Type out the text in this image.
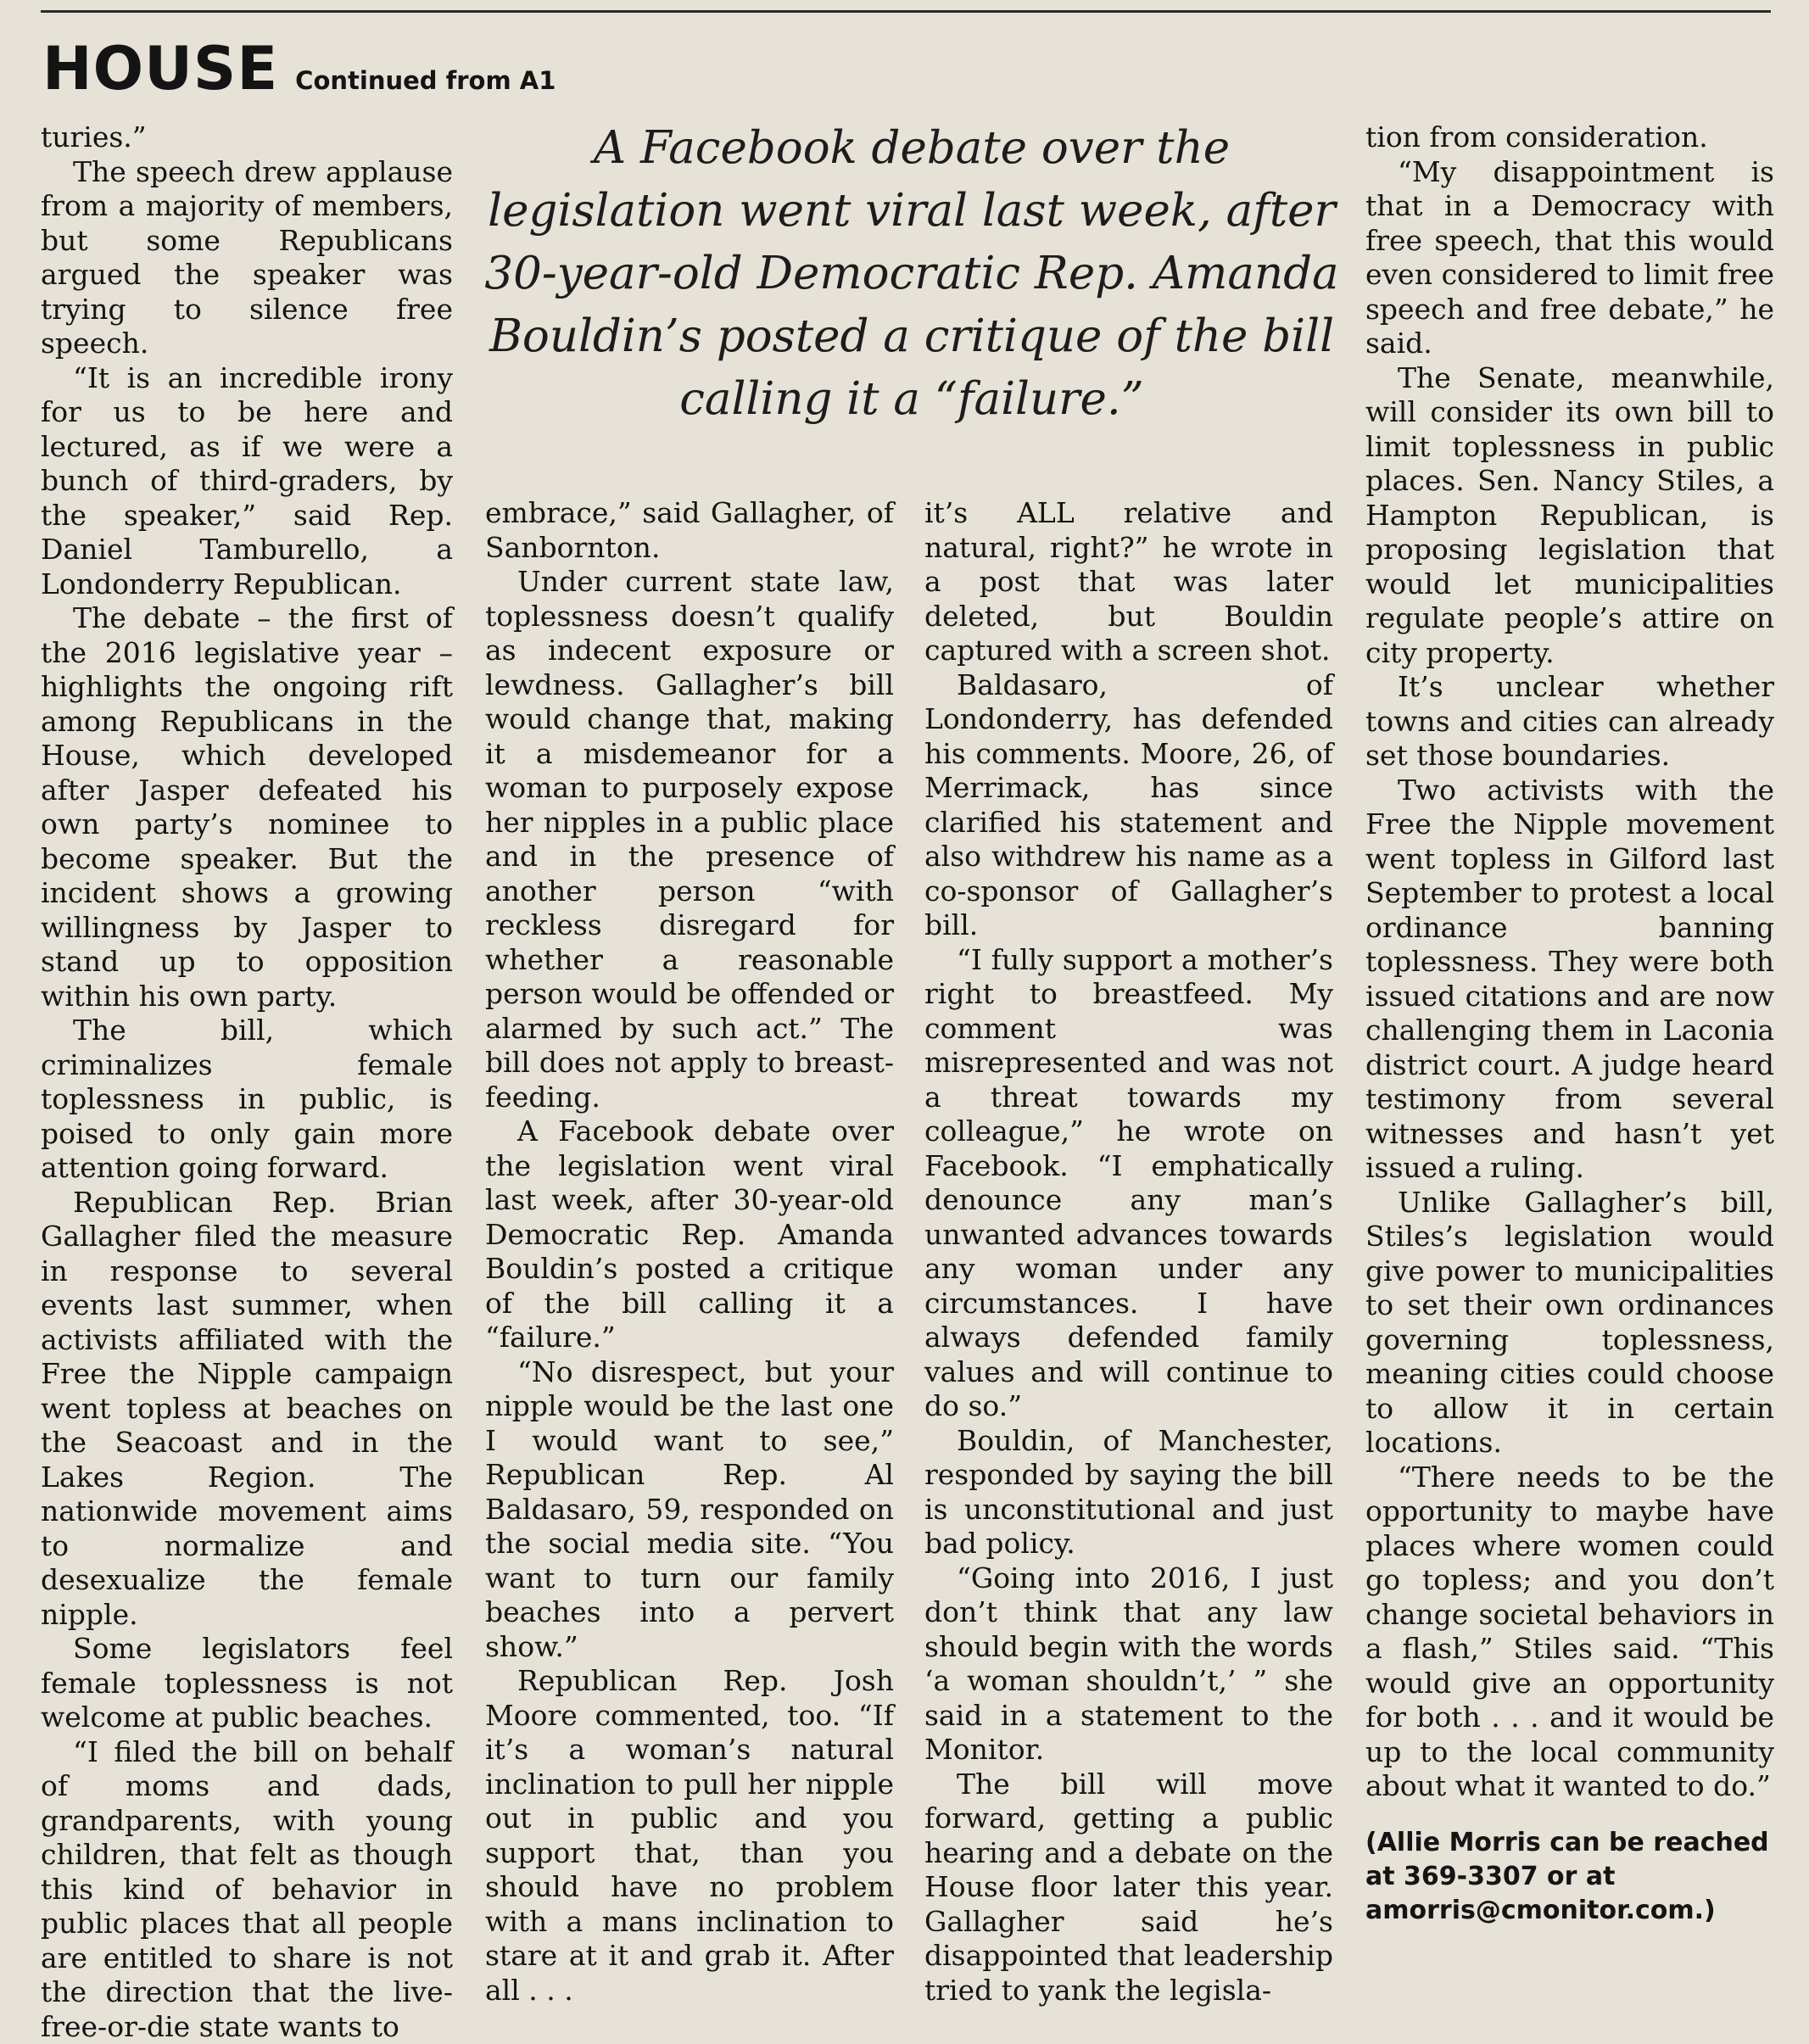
HOUSE Continued from A1
A Facebook debate over the legislation went viral last week, after 30-year-old Democratic Rep. Amanda Bouldin’s posted a critique of the bill calling it a “failure.”

turies.”

The speech drew applause from a majority of members, but some Republicans argued the speaker was trying to silence free speech.

“It is an incredible irony for us to be here and lectured, as if we were a bunch of third-graders, by the speaker,” said Rep. Daniel Tamburello, a Londonderry Republican.

The debate – the first of the 2016 legislative year – highlights the ongoing rift among Republicans in the House, which developed after Jasper defeated his own party’s nominee to become speaker. But the incident shows a growing willingness by Jasper to stand up to opposition within his own party.

The bill, which criminalizes female toplessness in public, is poised to only gain more attention going forward.

Republican Rep. Brian Gallagher filed the measure in response to several events last summer, when activists affiliated with the Free the Nipple campaign went topless at beaches on the Seacoast and in the Lakes Region. The nationwide movement aims to normalize and desexualize the female nipple.

Some legislators feel female toplessness is not welcome at public beaches.

“I filed the bill on behalf of moms and dads, grandparents, with young children, that felt as though this kind of behavior in public places that all people are entitled to share is not the direction that the live-free-or-die state wants to

embrace,” said Gallagher, of Sanbornton.

Under current state law, toplessness doesn’t qualify as indecent exposure or lewdness. Gallagher’s bill would change that, making it a misdemeanor for a woman to purposely expose her nipples in a public place and in the presence of another person “with reckless disregard for whether a reasonable person would be offended or alarmed by such act.” The bill does not apply to breast-feeding.

A Facebook debate over the legislation went viral last week, after 30-year-old Democratic Rep. Amanda Bouldin’s posted a critique of the bill calling it a “failure.”

“No disrespect, but your nipple would be the last one I would want to see,” Republican Rep. Al Baldasaro, 59, responded on the social media site. “You want to turn our family beaches into a pervert show.”

Republican Rep. Josh Moore commented, too. “If it’s a woman’s natural inclination to pull her nipple out in public and you support that, than you should have no problem with a mans inclination to stare at it and grab it. After all . . .

it’s ALL relative and natural, right?” he wrote in a post that was later deleted, but Bouldin captured with a screen shot.

Baldasaro, of Londonderry, has defended his comments. Moore, 26, of Merrimack, has since clarified his statement and also withdrew his name as a co-sponsor of Gallagher’s bill.

“I fully support a mother’s right to breastfeed. My comment was misrepresented and was not a threat towards my colleague,” he wrote on Facebook. “I emphatically denounce any man’s unwanted advances towards any woman under any circumstances. I have always defended family values and will continue to do so.”

Bouldin, of Manchester, responded by saying the bill is unconstitutional and just bad policy.

“Going into 2016, I just don’t think that any law should begin with the words ‘a woman shouldn’t,’ ” she said in a statement to the Monitor.

The bill will move forward, getting a public hearing and a debate on the House floor later this year. Gallagher said he’s disappointed that leadership tried to yank the legisla-

tion from consideration.

“My disappointment is that in a Democracy with free speech, that this would even considered to limit free speech and free debate,” he said.

The Senate, meanwhile, will consider its own bill to limit toplessness in public places. Sen. Nancy Stiles, a Hampton Republican, is proposing legislation that would let municipalities regulate people’s attire on city property.

It’s unclear whether towns and cities can already set those boundaries.

Two activists with the Free the Nipple movement went topless in Gilford last September to protest a local ordinance banning toplessness. They were both issued citations and are now challenging them in Laconia district court. A judge heard testimony from several witnesses and hasn’t yet issued a ruling.

Unlike Gallagher’s bill, Stiles’s legislation would give power to municipalities to set their own ordinances governing toplessness, meaning cities could choose to allow it in certain locations.

“There needs to be the opportunity to maybe have places where women could go topless; and you don’t change societal behaviors in a flash,” Stiles said. “This would give an opportunity for both . . . and it would be up to the local community about what it wanted to do.”

(Allie Morris can be reached at 369-3307 or at amorris@cmonitor.com.)
